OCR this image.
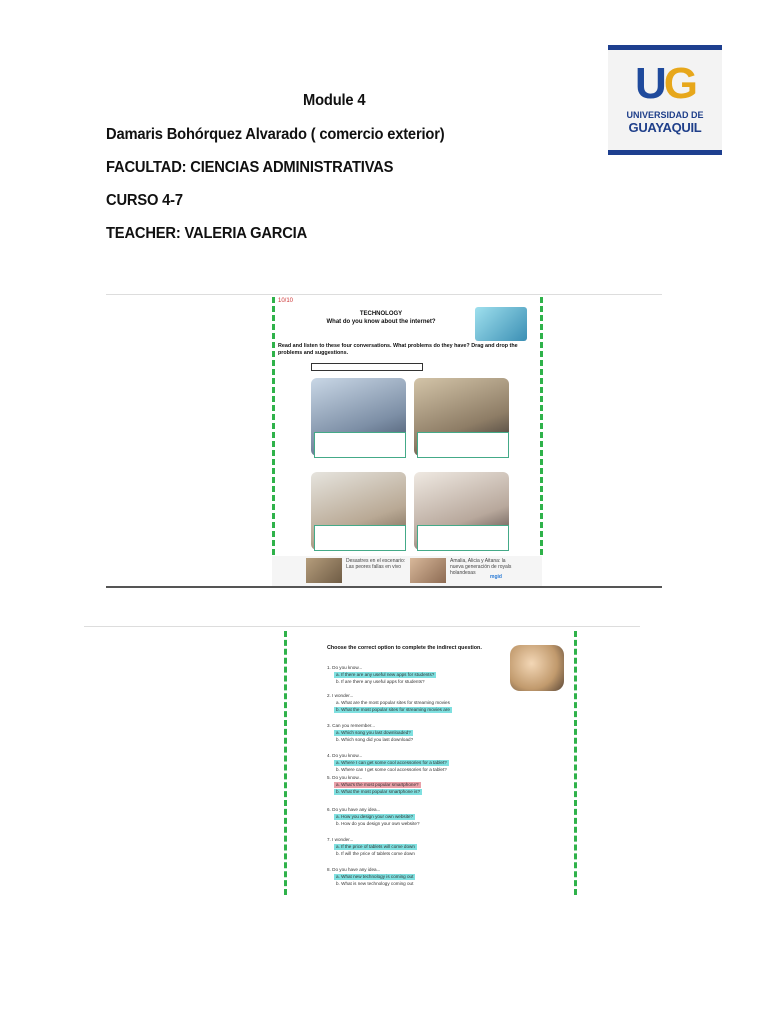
Module 4
Damaris Bohórquez Alvarado ( comercio exterior)
FACULTAD: CIENCIAS ADMINISTRATIVAS
CURSO 4-7
TEACHER: VALERIA GARCIA
UG
UNIVERSIDAD DE
GUAYAQUIL
10/10
TECHNOLOGY
What do you know about the internet?
Read and listen to these four conversations. What problems do they have? Drag and drop the problems and suggestions.
Desastres en el escenario: Las peores fallas en vivo
Amalia, Alicia y Aitana: la nueva generación de royals holandesas
mgid
Choose the correct option to complete the indirect question.
1. Do you know...
a. If there are any useful new apps for students?
b. If are there any useful apps for students?
2. I wonder...
a. What are the most popular sites for streaming movies
b. What the most popular sites for streaming movies are
3. Can you remember...
a. Which song you last downloaded?
b. Which song did you last download?
4. Do you know...
a. Where I can get some cool accessories for a tablet?
b. Where can I get some cool accessories for a tablet?
5. Do you know...
a. What's the most popular smartphone?
b. What the most popular smartphone is?
6. Do you have any idea...
a. How you design your own website?
b. How do you design your own website?
7. I wonder...
a. If the price of tablets will come down
b. If will the price of tablets come down
8. Do you have any idea...
a. What new technology is coming out
b. What is new technology coming out
